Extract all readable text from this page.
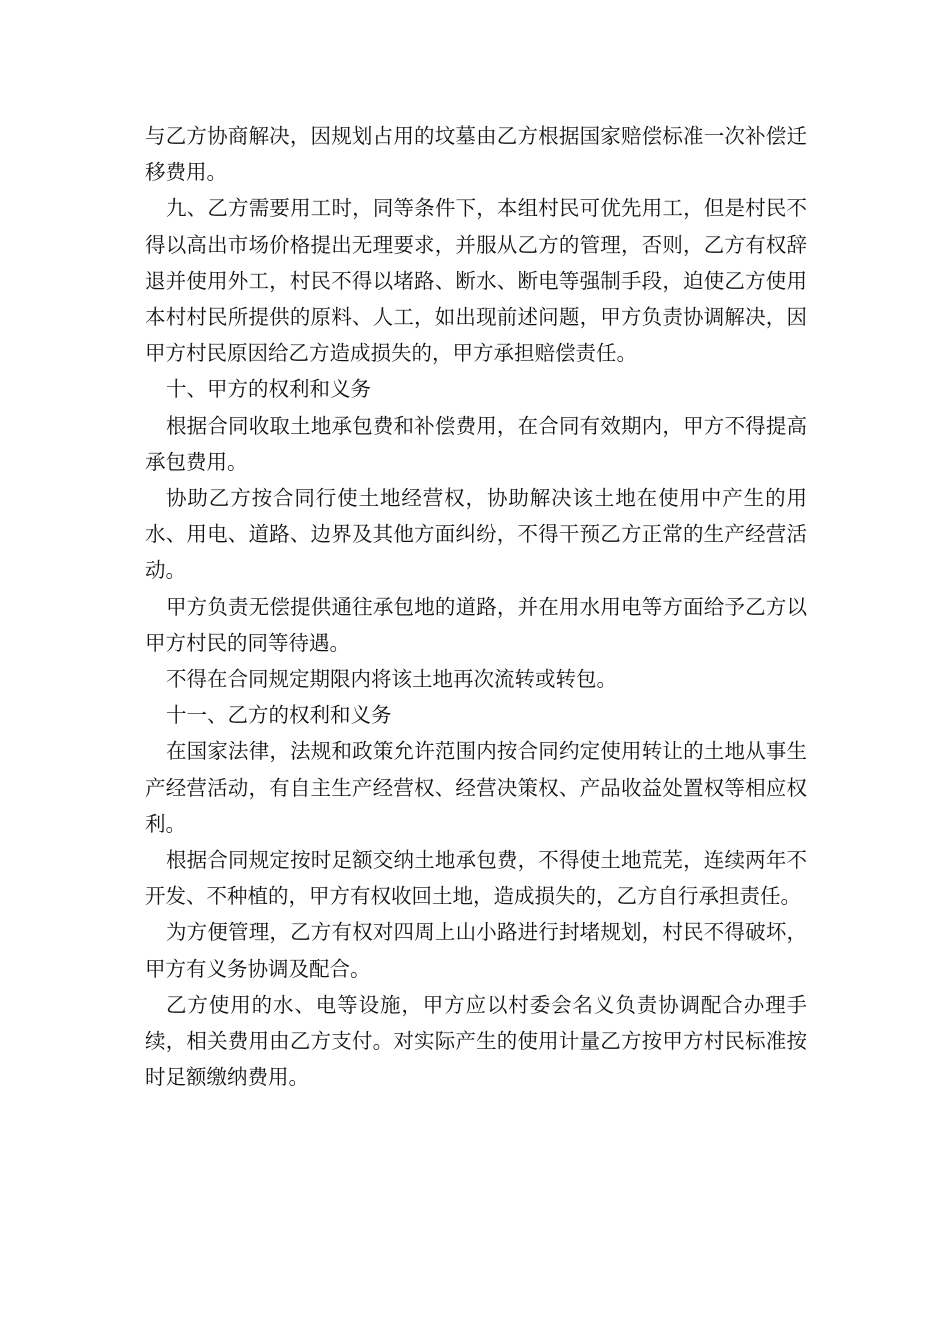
与乙方协商解决，因规划占用的坟墓由乙方根据国家赔偿标准一次补偿迁移费用。

九、乙方需要用工时，同等条件下，本组村民可优先用工，但是村民不得以高出市场价格提出无理要求，并服从乙方的管理，否则，乙方有权辞退并使用外工，村民不得以堵路、断水、断电等强制手段，迫使乙方使用本村村民所提供的原料、人工，如出现前述问题，甲方负责协调解决，因甲方村民原因给乙方造成损失的，甲方承担赔偿责任。

十、甲方的权利和义务

根据合同收取土地承包费和补偿费用，在合同有效期内，甲方不得提高承包费用。

协助乙方按合同行使土地经营权，协助解决该土地在使用中产生的用水、用电、道路、边界及其他方面纠纷，不得干预乙方正常的生产经营活动。

甲方负责无偿提供通往承包地的道路，并在用水用电等方面给予乙方以甲方村民的同等待遇。

不得在合同规定期限内将该土地再次流转或转包。

十一、乙方的权利和义务

在国家法律，法规和政策允许范围内按合同约定使用转让的土地从事生产经营活动，有自主生产经营权、经营决策权、产品收益处置权等相应权利。

根据合同规定按时足额交纳土地承包费，不得使土地荒芜，连续两年不开发、不种植的，甲方有权收回土地，造成损失的，乙方自行承担责任。

为方便管理，乙方有权对四周上山小路进行封堵规划，村民不得破坏，甲方有义务协调及配合。

乙方使用的水、电等设施，甲方应以村委会名义负责协调配合办理手续，相关费用由乙方支付。对实际产生的使用计量乙方按甲方村民标准按时足额缴纳费用。
